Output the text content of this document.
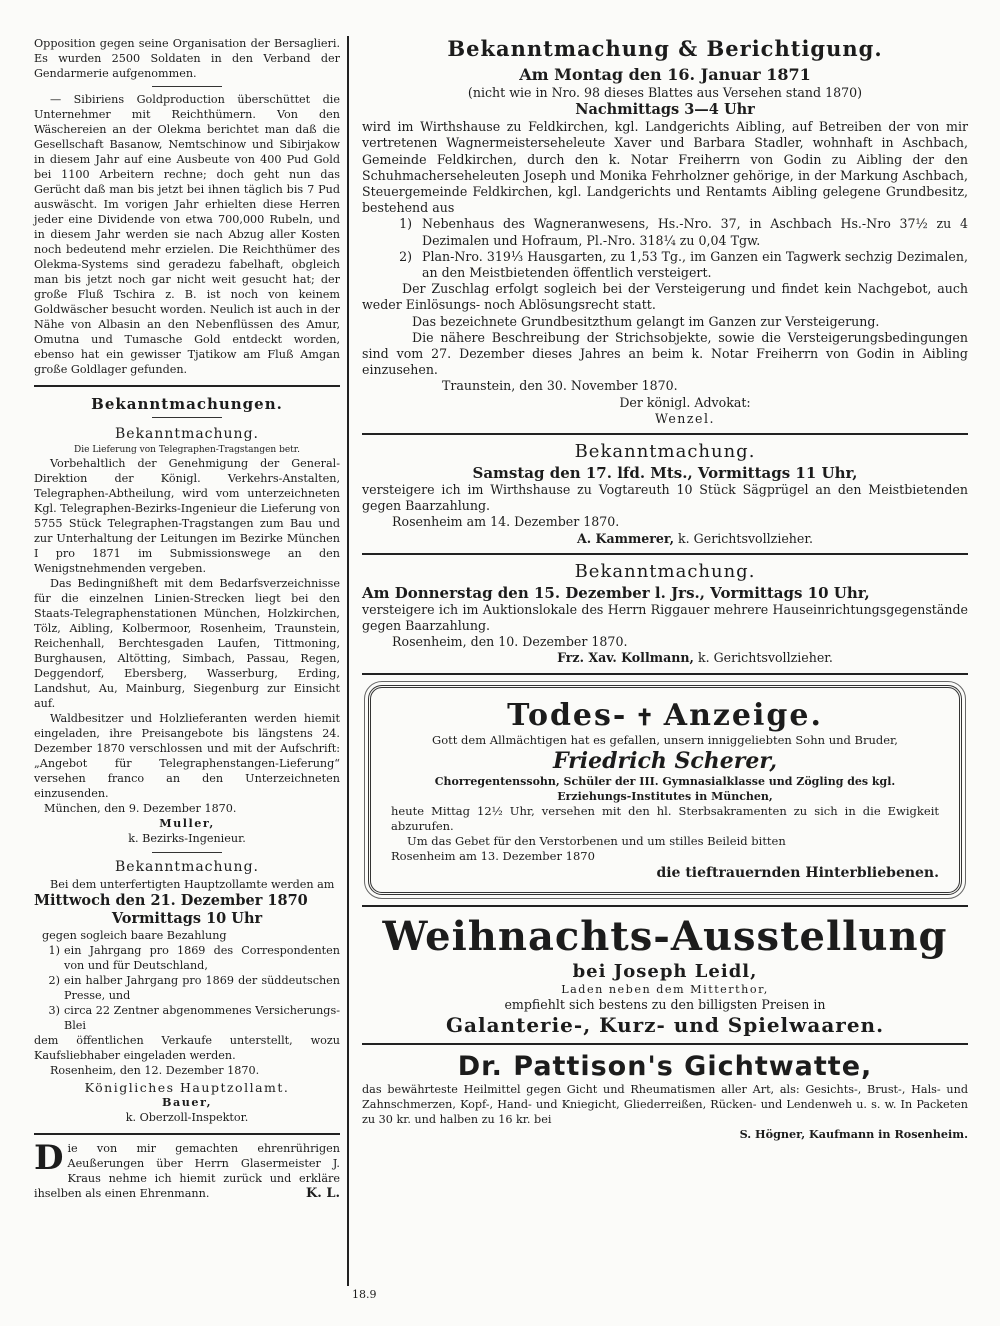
Opposition gegen seine Organisation der Bersaglieri. Es wurden 2500 Soldaten in den Verband der Gendarmerie aufgenommen.

— Sibiriens Goldproduction überschüttet die Unternehmer mit Reichthümern. Von den Wäschereien an der Olekma berichtet man daß die Gesellschaft Basanow, Nemtschinow und Sibirjakow in diesem Jahr auf eine Ausbeute von 400 Pud Gold bei 1100 Arbeitern rechne; doch geht nun das Gerücht daß man bis jetzt bei ihnen täglich bis 7 Pud auswäscht. Im vorigen Jahr erhielten diese Herren jeder eine Dividende von etwa 700,000 Rubeln, und in diesem Jahr werden sie nach Abzug aller Kosten noch bedeutend mehr erzielen. Die Reichthümer des Olekma-Systems sind geradezu fabelhaft, obgleich man bis jetzt noch gar nicht weit gesucht hat; der große Fluß Tschira z. B. ist noch von keinem Goldwäscher besucht worden. Neulich ist auch in der Nähe von Albasin an den Nebenflüssen des Amur, Omutna und Tumasche Gold entdeckt worden, ebenso hat ein gewisser Tjatikow am Fluß Amgan große Goldlager gefunden.

Bekanntmachungen.
Bekanntmachung.

Die Lieferung von Telegraphen-Tragstangen betr.

Vorbehaltlich der Genehmigung der General-Direktion der Königl. Verkehrs-Anstalten, Telegraphen-Abtheilung, wird vom unterzeichneten Kgl. Telegraphen-Bezirks-Ingenieur die Lieferung von 5755 Stück Telegraphen-Tragstangen zum Bau und zur Unterhaltung der Leitungen im Bezirke München I pro 1871 im Submissionswege an den Wenigstnehmenden vergeben.

Das Bedingnißheft mit dem Bedarfsverzeichnisse für die einzelnen Linien-Strecken liegt bei den Staats-Telegraphenstationen München, Holzkirchen, Tölz, Aibling, Kolbermoor, Rosenheim, Traunstein, Reichenhall, Berchtesgaden Laufen, Tittmoning, Burghausen, Altötting, Simbach, Passau, Regen, Deggendorf, Ebersberg, Wasserburg, Erding, Landshut, Au, Mainburg, Siegenburg zur Einsicht auf.

Waldbesitzer und Holzlieferanten werden hiemit eingeladen, ihre Preisangebote bis längstens 24. Dezember 1870 verschlossen und mit der Aufschrift: „Angebot für Telegraphenstangen-Lieferung“ versehen franco an den Unterzeichneten einzusenden.

München, den 9. Dezember 1870.

Muller,

k. Bezirks-Ingenieur.

Bekanntmachung.

Bei dem unterfertigten Hauptzollamte werden am

Mittwoch den 21. Dezember 1870

Vormittags 10 Uhr

gegen sogleich baare Bezahlung

1) ein Jahrgang pro 1869 des Correspondenten von und für Deutschland,
2) ein halber Jahrgang pro 1869 der süddeutschen Presse, und
3) circa 22 Zentner abgenommenes Versicherungs-Blei

dem öffentlichen Verkaufe unterstellt, wozu Kaufsliebhaber eingeladen werden.

Rosenheim, den 12. Dezember 1870.

Königliches Hauptzollamt.

Bauer,

k. Oberzoll-Inspektor.

D ie von mir gemachten ehrenrührigen Aeußerungen über Herrn Glasermeister J. Kraus nehme ich hiemit zurück und erkläre ihselben als einen Ehrenmann.	K. L.

Bekanntmachung & Berichtigung.

Am Montag den 16. Januar 1871

(nicht wie in Nro. 98 dieses Blattes aus Versehen stand 1870)

Nachmittags 3—4 Uhr

wird im Wirthshause zu Feldkirchen, kgl. Landgerichts Aibling, auf Betreiben der von mir vertretenen Wagnermeisterseheleute Xaver und Barbara Stadler, wohnhaft in Aschbach, Gemeinde Feldkirchen, durch den k. Notar Freiherrn von Godin zu Aibling der den Schuhmacherseheleuten Joseph und Monika Fehrholzner gehörige, in der Markung Aschbach, Steuergemeinde Feldkirchen, kgl. Landgerichts und Rentamts Aibling gelegene Grundbesitz, bestehend aus

1) Nebenhaus des Wagneranwesens, Hs.-Nro. 37, in Aschbach Hs.-Nro 37½ zu 4 Dezimalen und Hofraum, Pl.-Nro. 318¼ zu 0,04 Tgw.
2) Plan-Nro. 319⅓ Hausgarten, zu 1,53 Tg., im Ganzen ein Tagwerk sechzig Dezimalen, an den Meistbietenden öffentlich versteigert.

Der Zuschlag erfolgt sogleich bei der Versteigerung und findet kein Nachgebot, auch weder Einlösungs- noch Ablösungsrecht statt.

Das bezeichnete Grundbesitzthum gelangt im Ganzen zur Versteigerung.

Die nähere Beschreibung der Strichsobjekte, sowie die Versteigerungsbedingungen sind vom 27. Dezember dieses Jahres an beim k. Notar Freiherrn von Godin in Aibling einzusehen.

Traunstein, den 30. November 1870.

Der königl. Advokat:

Wenzel.

Bekanntmachung.

Samstag den 17. lfd. Mts., Vormittags 11 Uhr,

versteigere ich im Wirthshause zu Vogtareuth 10 Stück Sägprügel an den Meistbietenden gegen Baarzahlung.

Rosenheim am 14. Dezember 1870.

A. Kammerer, k. Gerichtsvollzieher.

Bekanntmachung.

Am Donnerstag den 15. Dezember l. Jrs., Vormittags 10 Uhr,

versteigere ich im Auktionslokale des Herrn Riggauer mehrere Hauseinrichtungsgegenstände gegen Baarzahlung.

Rosenheim, den 10. Dezember 1870.

Frz. Xav. Kollmann, k. Gerichtsvollzieher.

Todes- ✝ Anzeige.

Gott dem Allmächtigen hat es gefallen, unsern inniggeliebten Sohn und Bruder,

Friedrich Scherer,

Chorregentenssohn, Schüler der III. Gymnasialklasse und Zögling des kgl. Erziehungs-Institutes in München,

heute Mittag 12½ Uhr, versehen mit den hl. Sterbsakramenten zu sich in die Ewigkeit abzurufen.

Um das Gebet für den Verstorbenen und um stilles Beileid bitten

Rosenheim am 13. Dezember 1870

die tieftrauernden Hinterbliebenen.

Weihnachts-Ausstellung
bei Joseph Leidl,

Laden neben dem Mitterthor,

empfiehlt sich bestens zu den billigsten Preisen in

Galanterie-, Kurz- und Spielwaaren.
Dr. Pattison's Gichtwatte,

das bewährteste Heilmittel gegen Gicht und Rheumatismen aller Art, als: Gesichts-, Brust-, Hals- und Zahnschmerzen, Kopf-, Hand- und Kniegicht, Gliederreißen, Rücken- und Lendenweh u. s. w. In Packeten zu 30 kr. und halben zu 16 kr. bei

S. Högner, Kaufmann in Rosenheim.

18.9
